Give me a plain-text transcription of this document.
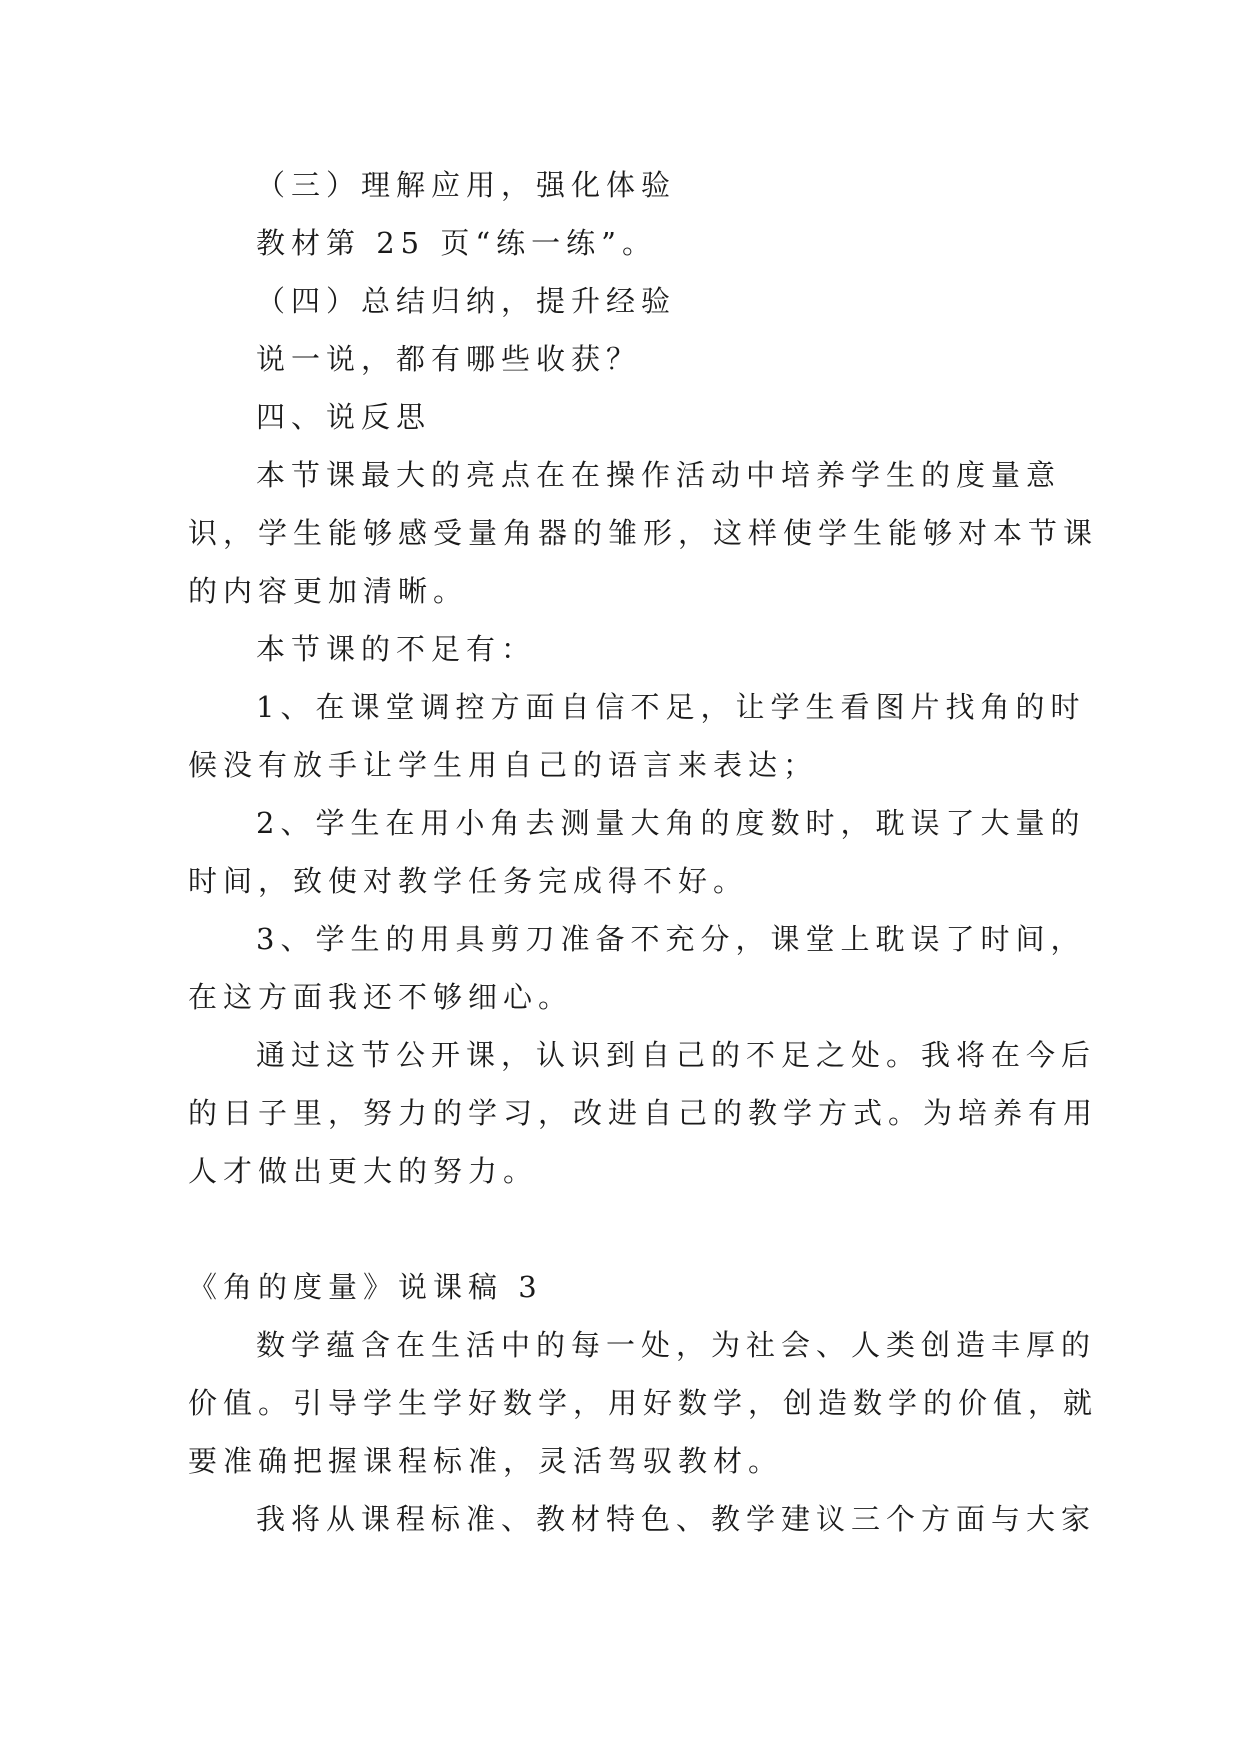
（三）理解应用，强化体验
教材第 25 页“练一练”。
（四）总结归纳，提升经验
说一说，都有哪些收获？
四、说反思
本节课最大的亮点在在操作活动中培养学生的度量意
识，学生能够感受量角器的雏形，这样使学生能够对本节课
的内容更加清晰。
本节课的不足有：
1、在课堂调控方面自信不足，让学生看图片找角的时
候没有放手让学生用自己的语言来表达；
2、学生在用小角去测量大角的度数时，耽误了大量的
时间，致使对教学任务完成得不好。
3、学生的用具剪刀准备不充分，课堂上耽误了时间，
在这方面我还不够细心。
通过这节公开课，认识到自己的不足之处。我将在今后
的日子里，努力的学习，改进自己的教学方式。为培养有用
人才做出更大的努力。
《角的度量》说课稿 3
数学蕴含在生活中的每一处，为社会、人类创造丰厚的
价值。引导学生学好数学，用好数学，创造数学的价值，就
要准确把握课程标准，灵活驾驭教材。
我将从课程标准、教材特色、教学建议三个方面与大家
